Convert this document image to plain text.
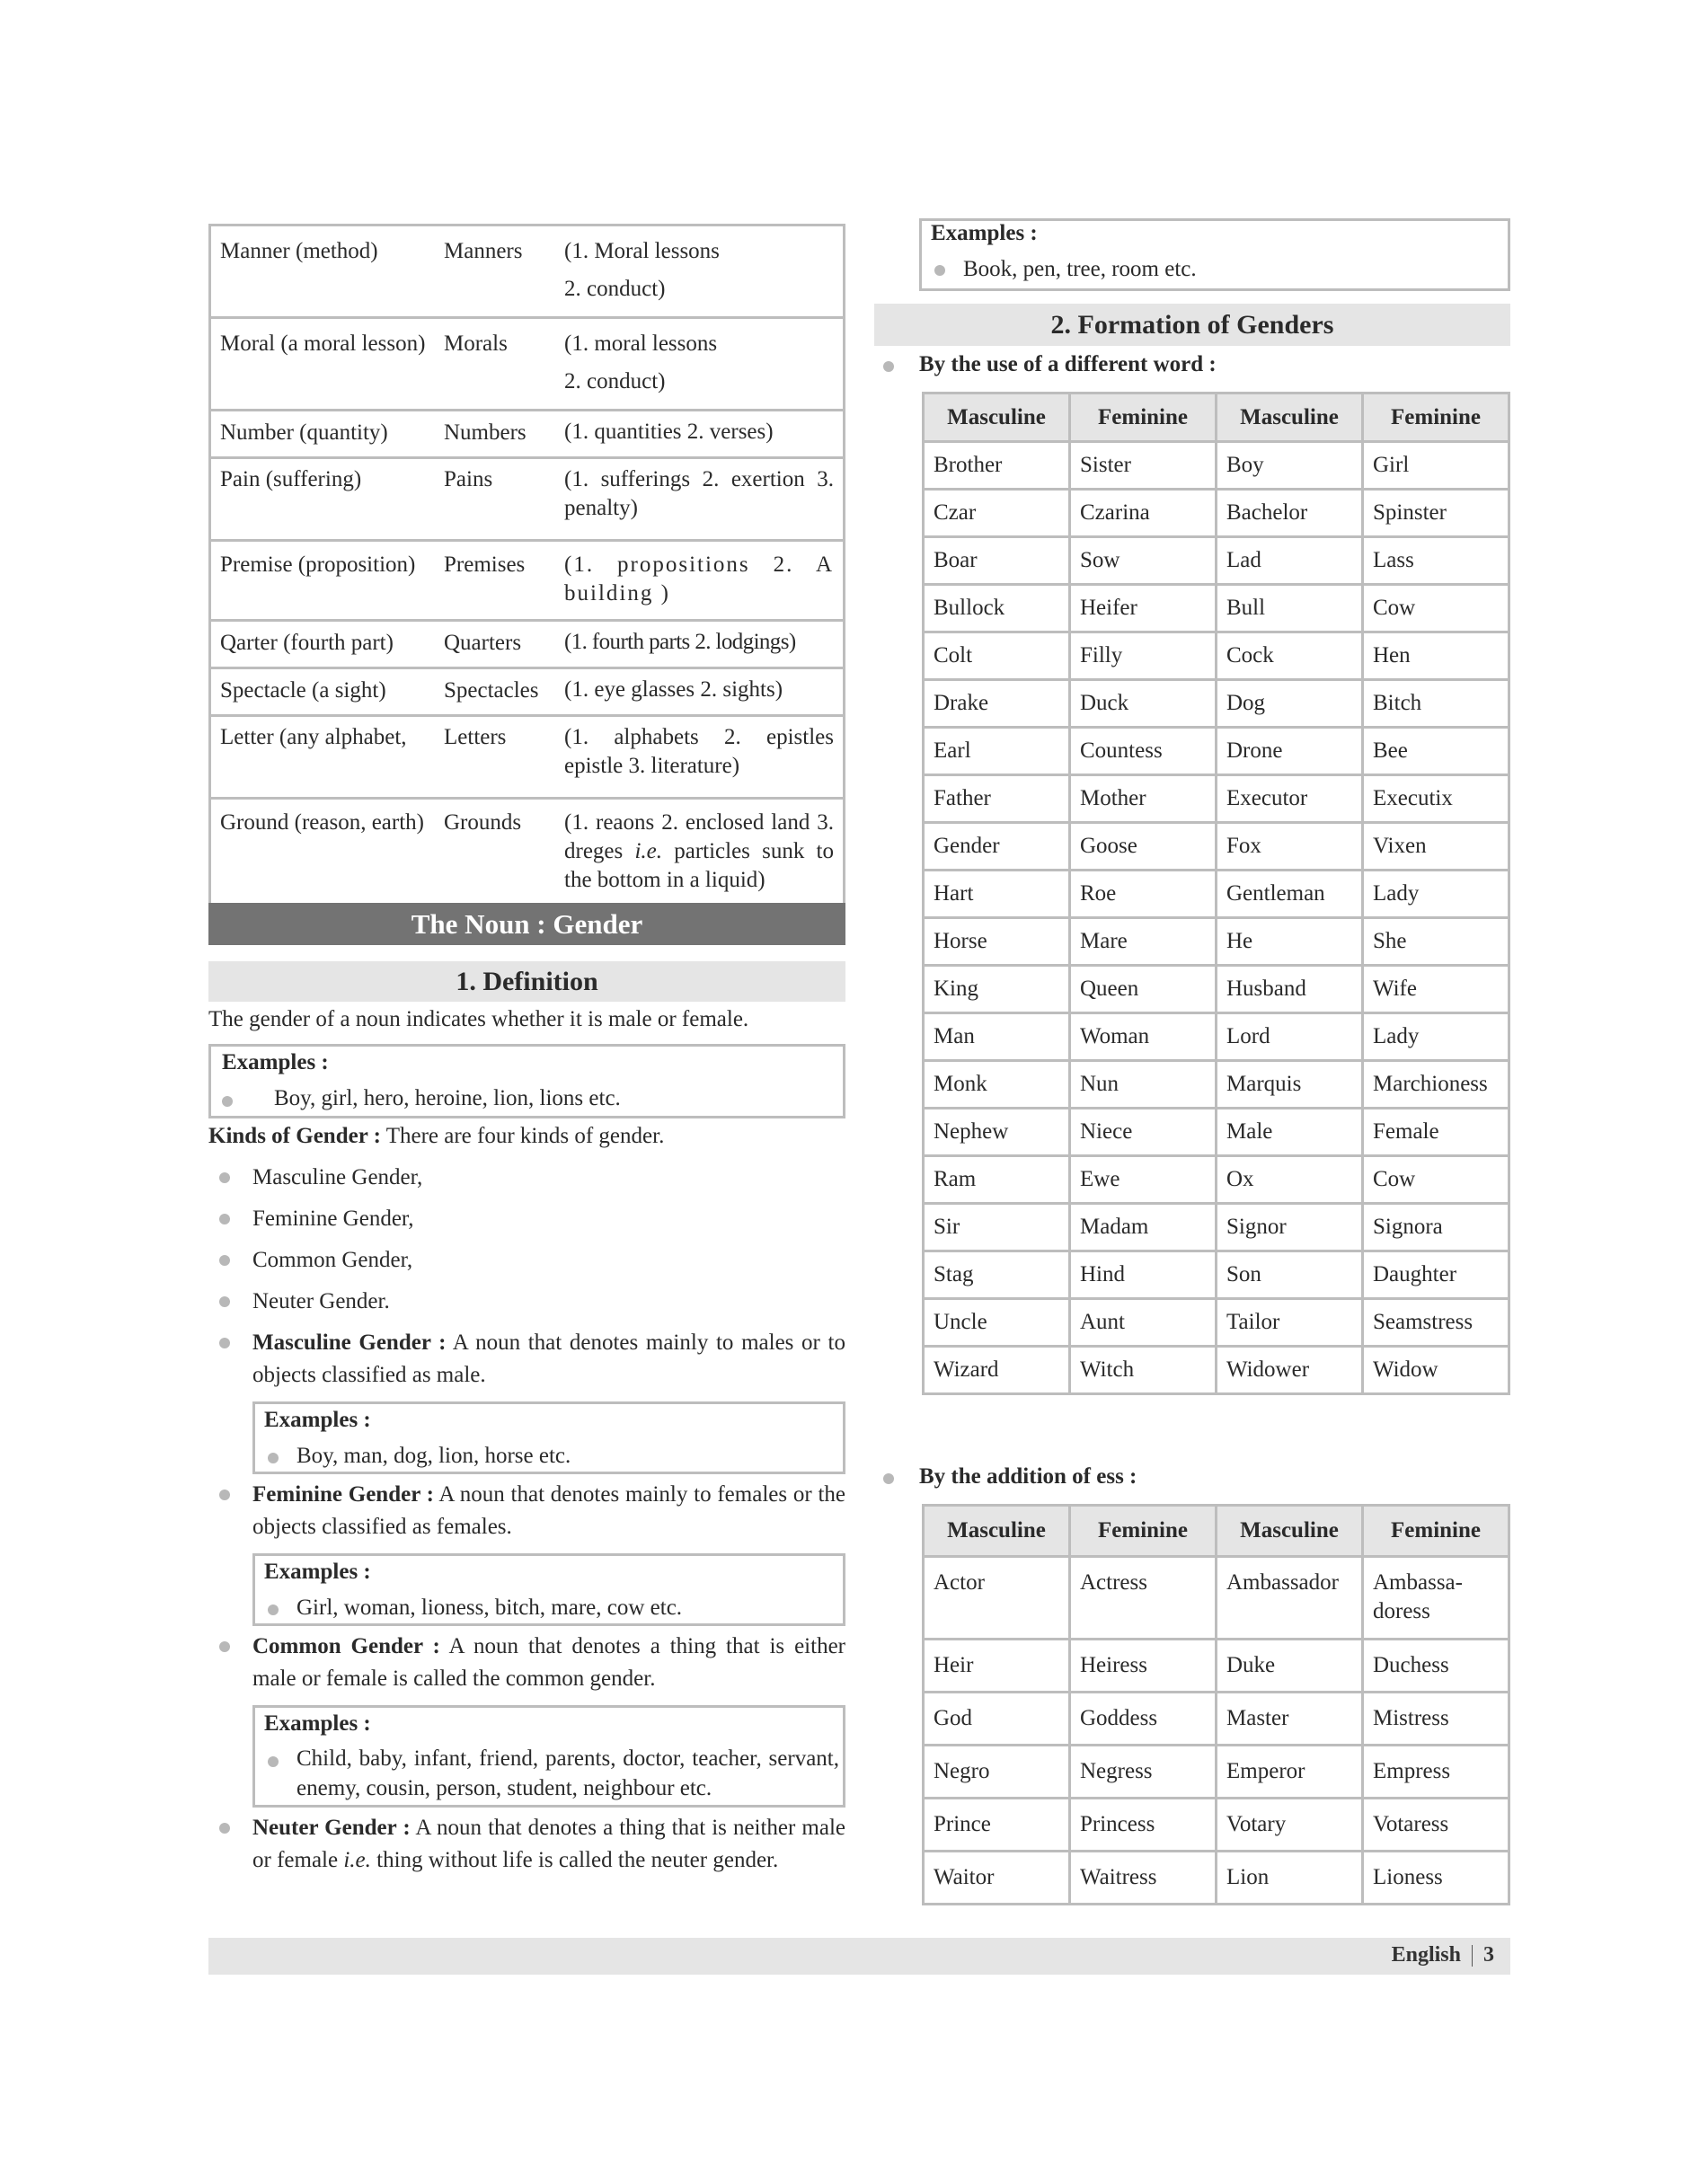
Manner (method)	Manners	(1. Moral lessons
2. conduct)
Moral (a moral lesson)	Morals	(1. moral lessons
2. conduct)
Number (quantity)	Numbers	(1. quantities 2. verses)
Pain (suffering)	Pains	(1. sufferings 2. exertion 3. penalty)
Premise (proposition)	Premises	(1. propositions 2. A building )
Qarter (fourth part)	Quarters	(1. fourth parts 2. lodgings)
Spectacle (a sight)	Spectacles	(1. eye glasses 2. sights)
Letter (any alphabet,	Letters	(1. alphabets 2. epistles epistle 3. literature)
Ground (reason, earth)	Grounds	(1. reaons 2. enclosed land 3. dreges i.e. particles sunk to the bottom in a liquid)
The Noun : Gender
1. Definition
The gender of a noun indicates whether it is male or female.
Examples :
Boy, girl, hero, heroine, lion, lions etc.
Kinds of Gender : There are four kinds of gender.
Masculine Gender,
Feminine Gender,
Common Gender,
Neuter Gender.
Masculine Gender : A noun that denotes mainly to males or to objects classified as male.
Feminine Gender : A noun that denotes mainly to females or the objects classified as females.
Common Gender : A noun that denotes a thing that is either male or female is called the common gender.
Neuter Gender : A noun that denotes a thing that is neither male or female i.e. thing without life is called the neuter gender.
Examples :
Boy, man, dog, lion, horse etc.
Examples :
Girl, woman, lioness, bitch, mare, cow etc.
Examples :
Child, baby, infant, friend, parents, doctor, teacher, servant, enemy, cousin, person, student, neighbour etc.
Examples :
Book, pen, tree, room etc.
2. Formation of Genders
By the use of a different word :
Masculine	Feminine	Masculine	Feminine
Brother	Sister	Boy	Girl
Czar	Czarina	Bachelor	Spinster
Boar	Sow	Lad	Lass
Bullock	Heifer	Bull	Cow
Colt	Filly	Cock	Hen
Drake	Duck	Dog	Bitch
Earl	Countess	Drone	Bee
Father	Mother	Executor	Executix
Gender	Goose	Fox	Vixen
Hart	Roe	Gentleman	Lady
Horse	Mare	He	She
King	Queen	Husband	Wife
Man	Woman	Lord	Lady
Monk	Nun	Marquis	Marchioness
Nephew	Niece	Male	Female
Ram	Ewe	Ox	Cow
Sir	Madam	Signor	Signora
Stag	Hind	Son	Daughter
Uncle	Aunt	Tailor	Seamstress
Wizard	Witch	Widower	Widow
By the addition of ess :
Masculine	Feminine	Masculine	Feminine
Actor	Actress	Ambassador	Ambassa-doress
Heir	Heiress	Duke	Duchess
God	Goddess	Master	Mistress
Negro	Negress	Emperor	Empress
Prince	Princess	Votary	Votaress
Waitor	Waitress	Lion	Lioness
English 3
